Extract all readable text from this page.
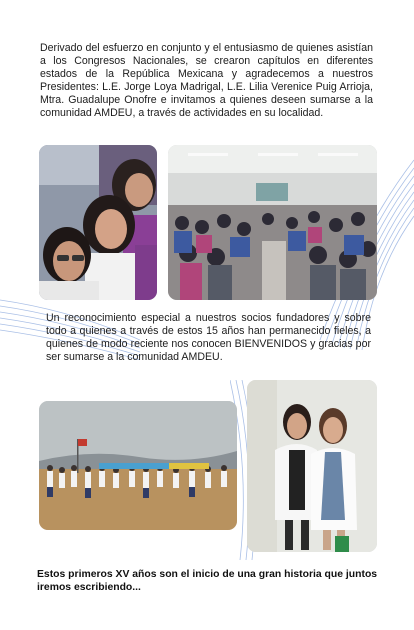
Derivado del esfuerzo en conjunto y el entusiasmo de quienes asistían a los Congresos Nacionales, se crearon capítulos en diferentes estados de la República Mexicana y agradecemos a nuestros Presidentes: L.E. Jorge Loya Madrigal, L.E. Lilia Verenice Puig Arrioja, Mtra. Guadalupe Onofre e invitamos a quienes deseen sumarse a la comunidad AMDEU, a través de actividades en su localidad.

Un reconocimiento especial a nuestros socios fundadores y sobre todo a quienes a través de estos 15 años han permanecido fieles, a quienes de modo reciente nos conocen BIENVENIDOS y gracias por ser sumarse a la comunidad AMDEU.

Estos primeros XV años son el inicio de una gran historia que juntos iremos escribiendo...
